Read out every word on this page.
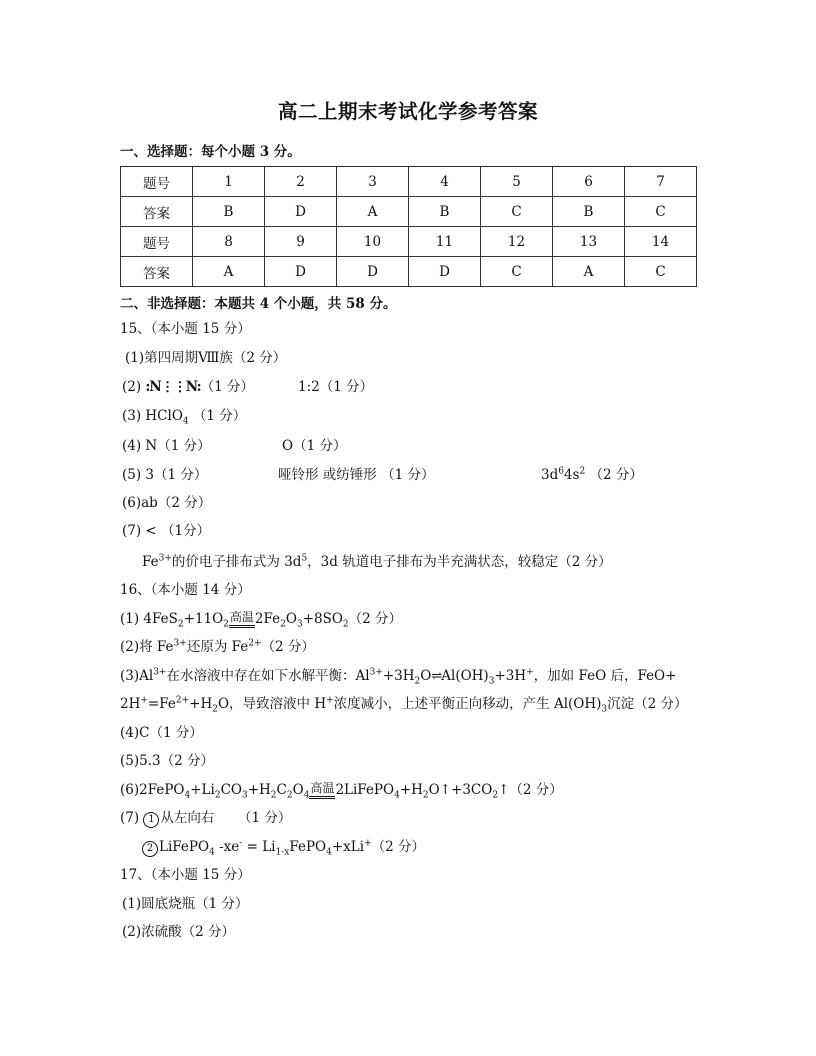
高二上期末考试化学参考答案
一、选择题：每个小题 3 分。
题号	1	2	3	4	5	6	7
答案	B	D	A	B	C	B	C
题号	8	9	10	11	12	13	14
答案	A	D	D	D	C	A	C
二、非选择题：本题共 4 个小题，共 58 分。
15、（本小题 15 分）
(1)第四周期Ⅷ族（2 分）
(2) :N⋮⋮N:（1 分）	1:2（1 分）
(3) HClO$_4$ （1 分）
(4) N（1 分）	O（1 分）
(5) 3（1 分）	哑铃形 或纺锤形 （1 分）	$3d^64s^2$ （2 分）
(6)ab（2 分）
(7) < （1分）
$Fe^{3+}$的价电子排布式为 $3d^5$，3d 轨道电子排布为半充满状态，较稳定（2 分）
16、（本小题 14 分）
(1) $4FeS_2+11O_2$高温$2Fe_2O_3+8SO_2(2$ 分）
(2)将 $Fe^{3+}$还原为 $Fe^{2+}(2$ 分）
$(3)Al^{3+}$在水溶液中存在如下水解平衡：$Al^{3+}+3H_2O\rightleftharpoons Al(OH)_3+3H^+$，加如 FeO 后，FeO+
$2H^+=Fe^{2+}+H_2O$，导致溶液中 H+浓度减小，上述平衡正向移动，产生 $Al(OH)_3$沉淀（2 分）
(4)C（1 分）
(5)5.3（2 分）
$(6)2FePO_4+Li_2CO_3+H_2C_2O_4$高温$2LiFePO_4+H_2O↑+3CO_2↑(2$ 分）
(7) 1 从左向右 （1 分）
2 LiFePO$_4$ $-xe^- = Li_{1-x}FePO_4+xLi^+(2$ 分）
17、（本小题 15 分）
(1)圆底烧瓶（1 分）
(2)浓硫酸（2 分）
